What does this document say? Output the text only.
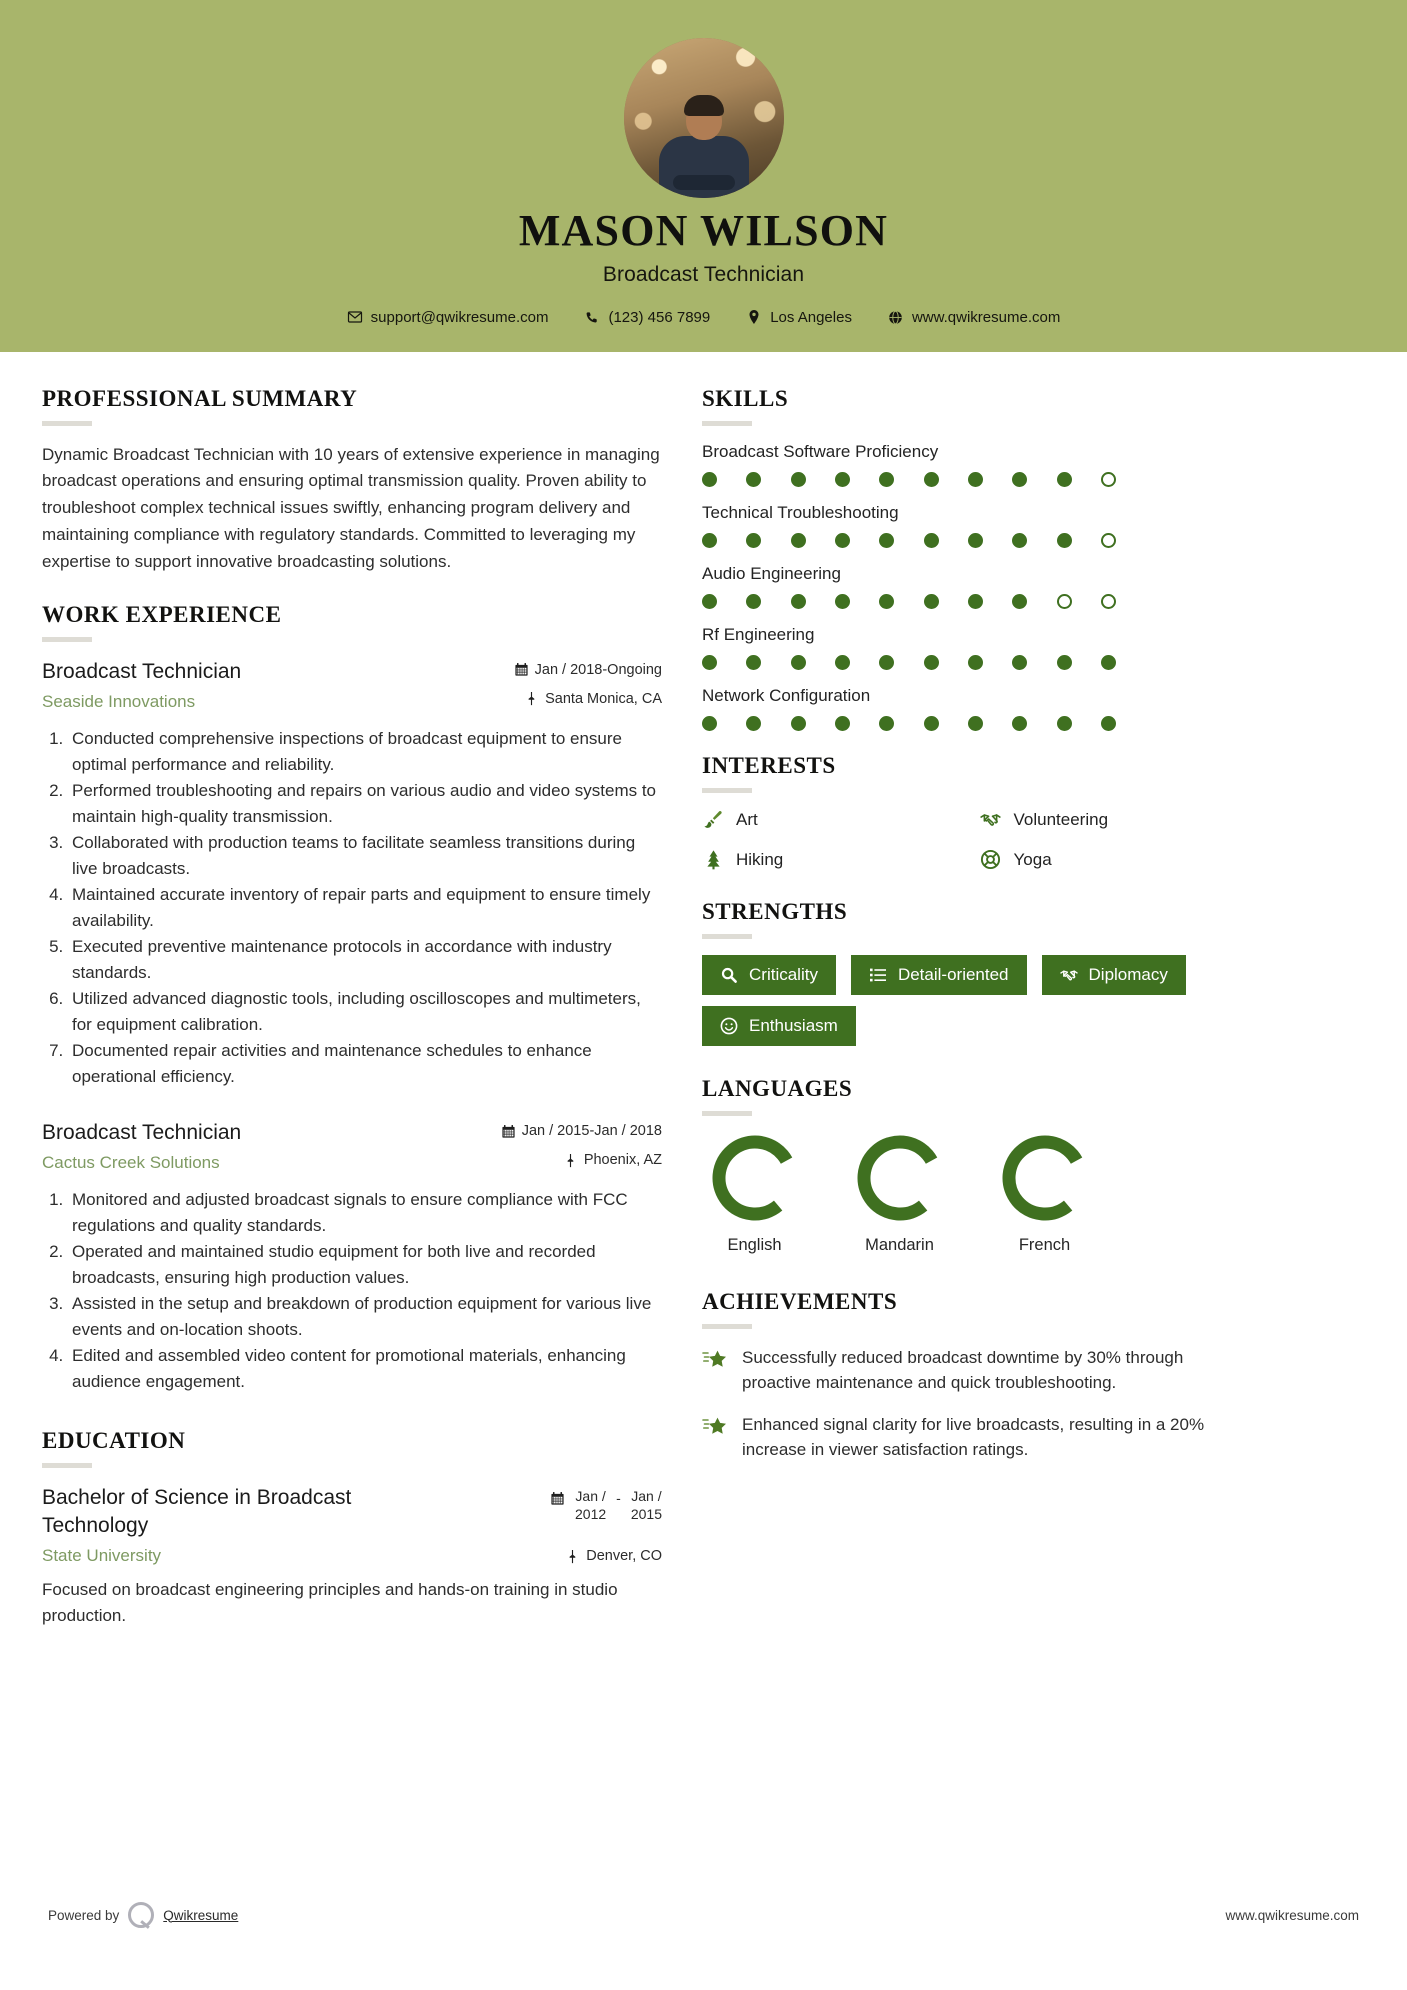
MASON WILSON
Broadcast Technician
support@qwikresume.com	(123) 456 7899	Los Angeles	www.qwikresume.com
PROFESSIONAL SUMMARY
Dynamic Broadcast Technician with 10 years of extensive experience in managing broadcast operations and ensuring optimal transmission quality. Proven ability to troubleshoot complex technical issues swiftly, enhancing program delivery and maintaining compliance with regulatory standards. Committed to leveraging my expertise to support innovative broadcasting solutions.
WORK EXPERIENCE
Broadcast Technician
Seaside Innovations
Jan / 2018-Ongoing
Santa Monica, CA
1. Conducted comprehensive inspections of broadcast equipment to ensure optimal performance and reliability.
2. Performed troubleshooting and repairs on various audio and video systems to maintain high-quality transmission.
3. Collaborated with production teams to facilitate seamless transitions during live broadcasts.
4. Maintained accurate inventory of repair parts and equipment to ensure timely availability.
5. Executed preventive maintenance protocols in accordance with industry standards.
6. Utilized advanced diagnostic tools, including oscilloscopes and multimeters, for equipment calibration.
7. Documented repair activities and maintenance schedules to enhance operational efficiency.
Broadcast Technician
Cactus Creek Solutions
Jan / 2015-Jan / 2018
Phoenix, AZ
1. Monitored and adjusted broadcast signals to ensure compliance with FCC regulations and quality standards.
2. Operated and maintained studio equipment for both live and recorded broadcasts, ensuring high production values.
3. Assisted in the setup and breakdown of production equipment for various live events and on-location shoots.
4. Edited and assembled video content for promotional materials, enhancing audience engagement.
EDUCATION
Bachelor of Science in Broadcast Technology
State University
Jan /
2012
- Jan /
2015
Denver, CO
Focused on broadcast engineering principles and hands-on training in studio production.
SKILLS
Broadcast Software Proficiency
Technical Troubleshooting
Audio Engineering
Rf Engineering
Network Configuration
INTERESTS
Art	Volunteering
Hiking	Yoga
STRENGTHS
Criticality	Detail-oriented	Diplomacy
Enthusiasm
LANGUAGES
English	Mandarin	French
ACHIEVEMENTS
Successfully reduced broadcast downtime by 30% through proactive maintenance and quick troubleshooting.
Enhanced signal clarity for live broadcasts, resulting in a 20% increase in viewer satisfaction ratings.
Powered by	Qwikresume	www.qwikresume.com
